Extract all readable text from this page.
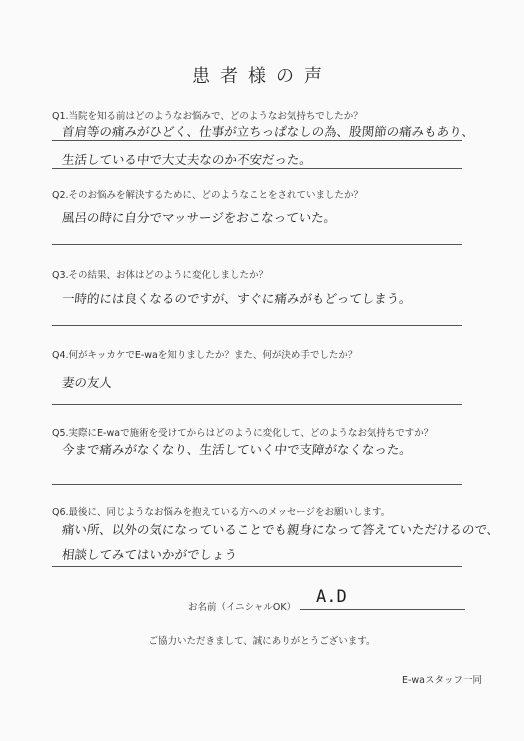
患者様の声
Q1.当院を知る前はどのようなお悩みで、どのようなお気持ちでしたか？
首肩等の痛みがひどく、仕事が立ちっぱなしの為、股関節の痛みもあり、
生活している中で大丈夫なのか不安だった。
Q2.そのお悩みを解決するために、どのようなことをされていましたか？
風呂の時に自分でマッサージをおこなっていた。
Q3.その結果、お体はどのように変化しましたか？
一時的には良くなるのですが、すぐに痛みがもどってしまう。
Q4.何がキッカケでE-waを知りましたか？また、何が決め手でしたか？
妻の友人
Q5.実際にE-waで施術を受けてからはどのように変化して、どのようなお気持ちですか？
今まで痛みがなくなり、生活していく中で支障がなくなった。
Q6.最後に、同じようなお悩みを抱えている方へのメッセージをお願いします。
痛い所、以外の気になっていることでも親身になって答えていただけるので、
相談してみてはいかがでしょう
お名前（イニシャルOK）
A.D
ご協力いただきまして、誠にありがとうございます。
E-waスタッフ一同
